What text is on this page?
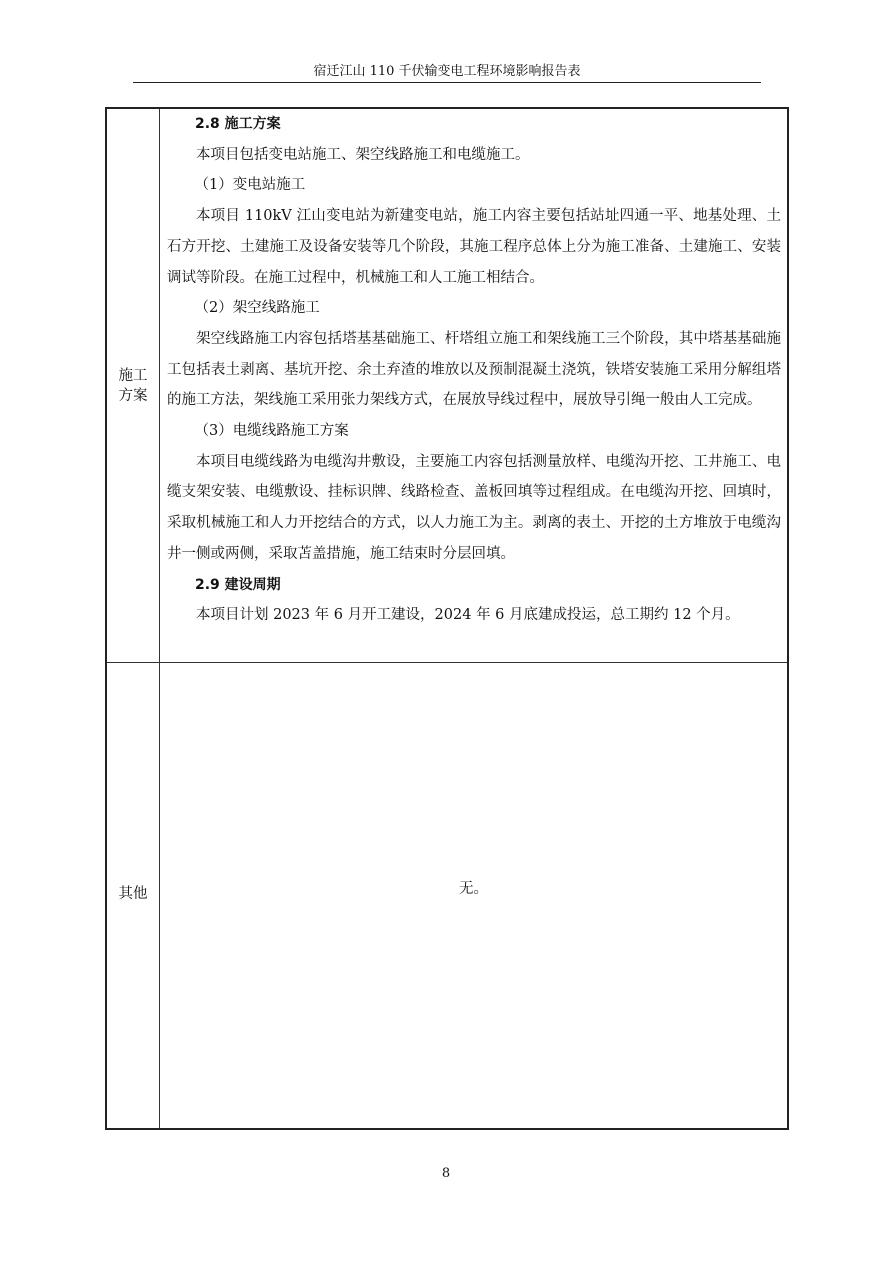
宿迁江山 110 千伏输变电工程环境影响报告表
施工
方案

2.8 施工方案

本项目包括变电站施工、架空线路施工和电缆施工。

（1）变电站施工

本项目 110kV 江山变电站为新建变电站，施工内容主要包括站址四通一平、地基处理、土石方开挖、土建施工及设备安装等几个阶段，其施工程序总体上分为施工准备、土建施工、安装调试等阶段。在施工过程中，机械施工和人工施工相结合。

（2）架空线路施工

架空线路施工内容包括塔基基础施工、杆塔组立施工和架线施工三个阶段，其中塔基基础施工包括表土剥离、基坑开挖、余土弃渣的堆放以及预制混凝土浇筑，铁塔安装施工采用分解组塔的施工方法，架线施工采用张力架线方式，在展放导线过程中，展放导引绳一般由人工完成。

（3）电缆线路施工方案

本项目电缆线路为电缆沟井敷设，主要施工内容包括测量放样、电缆沟开挖、工井施工、电缆支架安装、电缆敷设、挂标识牌、线路检查、盖板回填等过程组成。在电缆沟开挖、回填时，采取机械施工和人力开挖结合的方式，以人力施工为主。剥离的表土、开挖的土方堆放于电缆沟井一侧或两侧，采取苫盖措施，施工结束时分层回填。

2.9 建设周期

本项目计划 2023 年 6 月开工建设，2024 年 6 月底建成投运，总工期约 12 个月。

其他	无。
8
